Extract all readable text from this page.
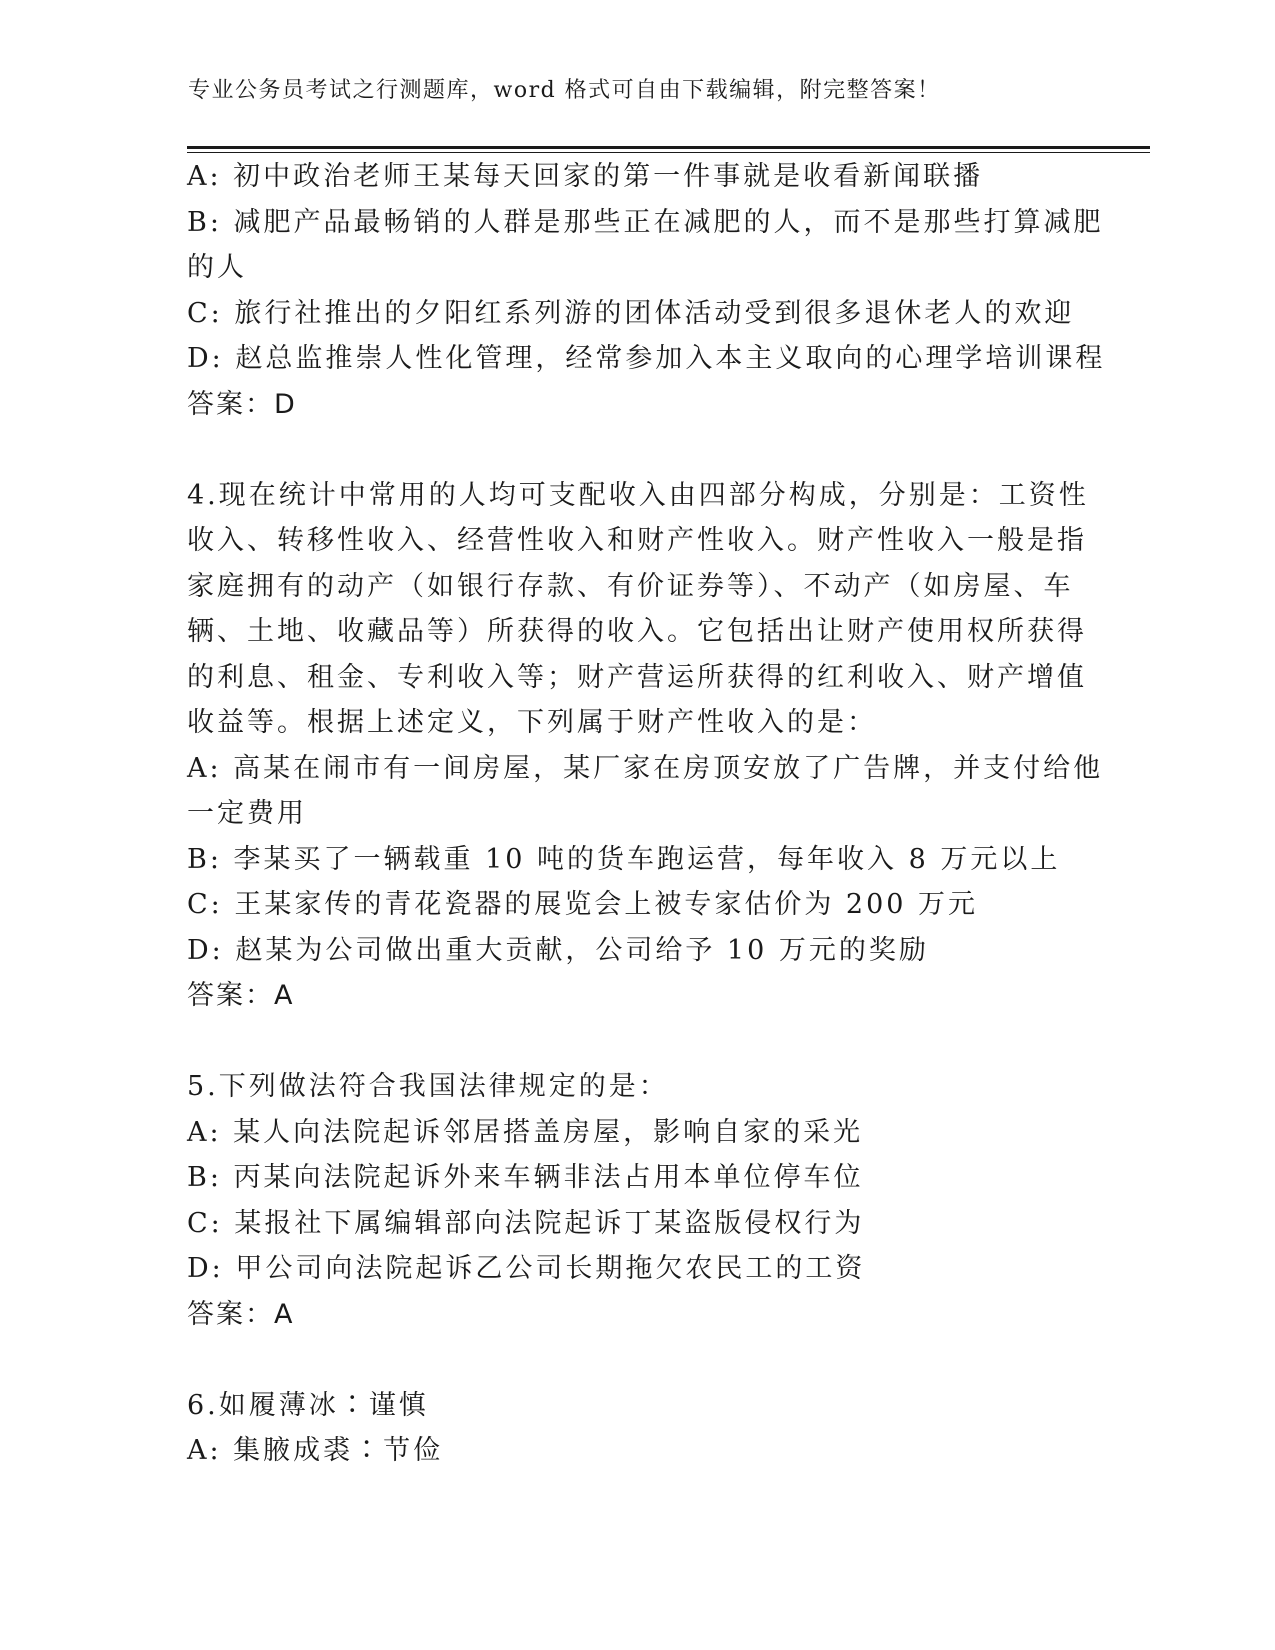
专业公务员考试之行测题库，word 格式可自由下载编辑，附完整答案！
A: 初中政治老师王某每天回家的第一件事就是收看新闻联播
B: 减肥产品最畅销的人群是那些正在减肥的人，而不是那些打算减肥
的人
C: 旅行社推出的夕阳红系列游的团体活动受到很多退休老人的欢迎
D: 赵总监推崇人性化管理，经常参加入本主义取向的心理学培训课程
答案：D
4.现在统计中常用的人均可支配收入由四部分构成，分别是：工资性
收入、转移性收入、经营性收入和财产性收入。财产性收入一般是指
家庭拥有的动产（如银行存款、有价证券等）、不动产（如房屋、车
辆、土地、收藏品等）所获得的收入。它包括出让财产使用权所获得
的利息、租金、专利收入等；财产营运所获得的红利收入、财产增值
收益等。根据上述定义，下列属于财产性收入的是：
A: 高某在闹市有一间房屋，某厂家在房顶安放了广告牌，并支付给他
一定费用
B: 李某买了一辆载重 10 吨的货车跑运营，每年收入 8 万元以上
C: 王某家传的青花瓷器的展览会上被专家估价为 200 万元
D: 赵某为公司做出重大贡献，公司给予 10 万元的奖励
答案：A
5.下列做法符合我国法律规定的是：
A: 某人向法院起诉邻居搭盖房屋，影响自家的采光
B: 丙某向法院起诉外来车辆非法占用本单位停车位
C: 某报社下属编辑部向法院起诉丁某盗版侵权行为
D: 甲公司向法院起诉乙公司长期拖欠农民工的工资
答案：A
6.如履薄冰∶谨慎
A: 集腋成裘∶节俭
